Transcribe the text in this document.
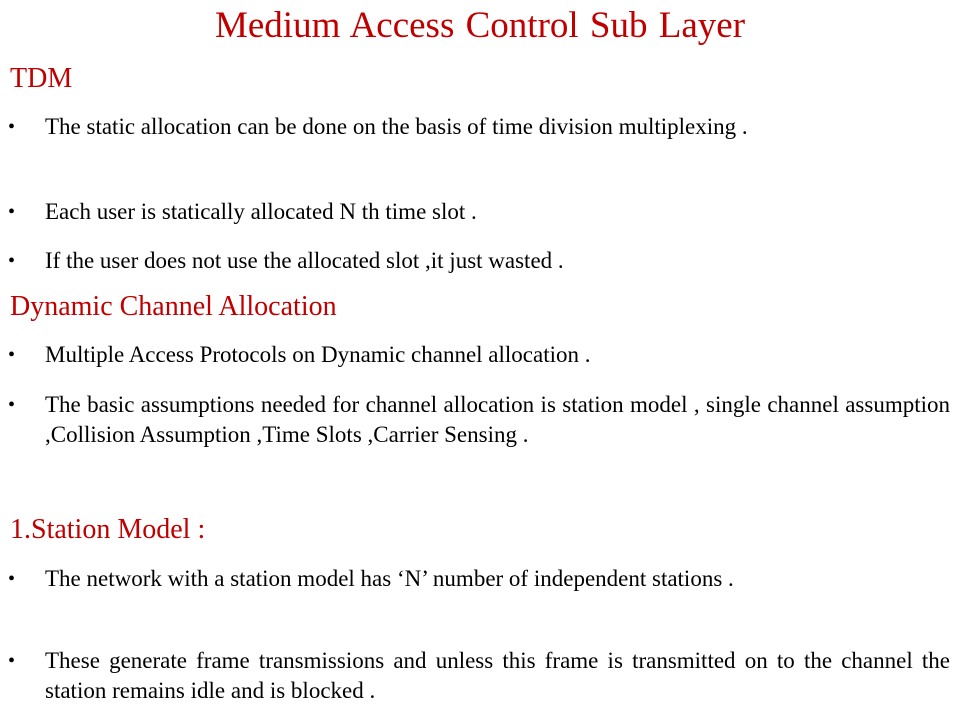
Medium Access Control Sub Layer
TDM
• The static allocation can be done on the basis of time division multiplexing .
• Each user is statically allocated N th time slot .
• If the user does not use the allocated slot ,it just wasted .
Dynamic Channel Allocation
• Multiple Access Protocols on Dynamic channel allocation .
• The basic assumptions needed for channel allocation is station model , single channel assumption ,Collision Assumption ,Time Slots ,Carrier Sensing .
1.Station Model :
• The network with a station model has ‘N’ number of independent stations .
• These generate frame transmissions and unless this frame is transmitted on to the channel the station remains idle and is blocked .
